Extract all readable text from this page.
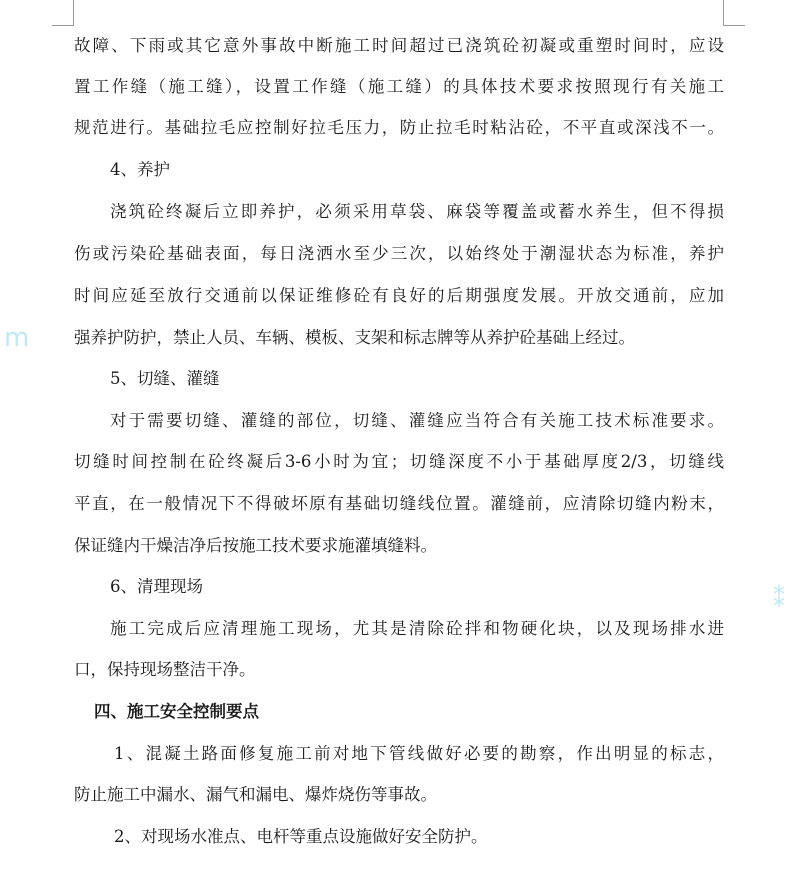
m
⁑
故障、下雨或其它意外事故中断施工时间超过已浇筑砼初凝或重塑时间时，应设
置工作缝（施工缝），设置工作缝（施工缝）的具体技术要求按照现行有关施工
规范进行。基础拉毛应控制好拉毛压力，防止拉毛时粘沾砼，不平直或深浅不一。
4、养护
浇筑砼终凝后立即养护，必须采用草袋、麻袋等覆盖或蓄水养生，但不得损
伤或污染砼基础表面，每日浇洒水至少三次，以始终处于潮湿状态为标准，养护
时间应延至放行交通前以保证维修砼有良好的后期强度发展。开放交通前，应加
强养护防护，禁止人员、车辆、模板、支架和标志牌等从养护砼基础上经过。
5、切缝、灌缝
对于需要切缝、灌缝的部位，切缝、灌缝应当符合有关施工技术标准要求。
切缝时间控制在砼终凝后3-6小时为宜；切缝深度不小于基础厚度2/3，切缝线
平直，在一般情况下不得破坏原有基础切缝线位置。灌缝前，应清除切缝内粉末，
保证缝内干燥洁净后按施工技术要求施灌填缝料。
6、清理现场
施工完成后应清理施工现场，尤其是清除砼拌和物硬化块，以及现场排水进
口，保持现场整洁干净。
四、施工安全控制要点
1、混凝土路面修复施工前对地下管线做好必要的勘察，作出明显的标志，
防止施工中漏水、漏气和漏电、爆炸烧伤等事故。
2、对现场水准点、电杆等重点设施做好安全防护。
